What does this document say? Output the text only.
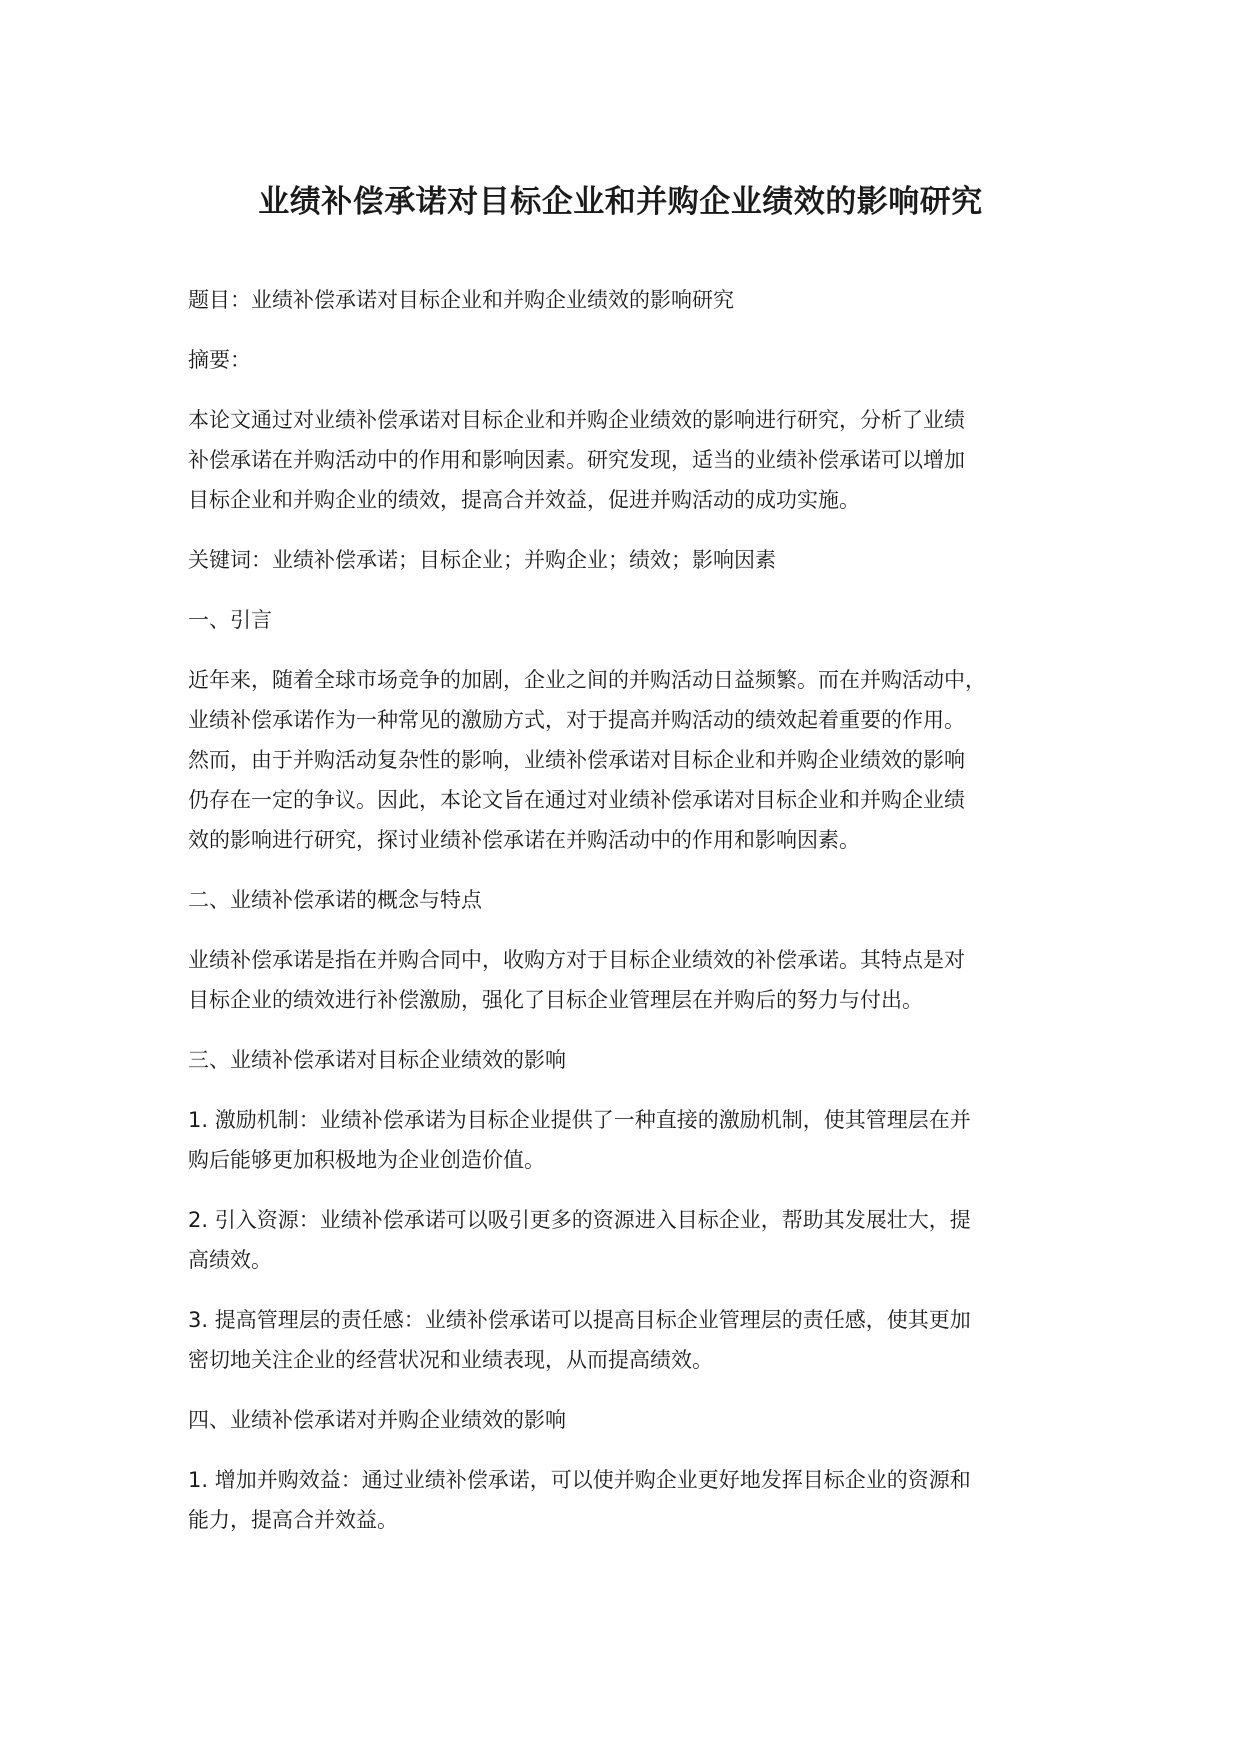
业绩补偿承诺对目标企业和并购企业绩效的影响研究

题目：业绩补偿承诺对目标企业和并购企业绩效的影响研究

摘要：

本论文通过对业绩补偿承诺对目标企业和并购企业绩效的影响进行研究，分析了业绩
补偿承诺在并购活动中的作用和影响因素。研究发现，适当的业绩补偿承诺可以增加
目标企业和并购企业的绩效，提高合并效益，促进并购活动的成功实施。

关键词：业绩补偿承诺；目标企业；并购企业；绩效；影响因素

一、引言

近年来，随着全球市场竞争的加剧，企业之间的并购活动日益频繁。而在并购活动中，
业绩补偿承诺作为一种常见的激励方式，对于提高并购活动的绩效起着重要的作用。
然而，由于并购活动复杂性的影响，业绩补偿承诺对目标企业和并购企业绩效的影响
仍存在一定的争议。因此，本论文旨在通过对业绩补偿承诺对目标企业和并购企业绩
效的影响进行研究，探讨业绩补偿承诺在并购活动中的作用和影响因素。

二、业绩补偿承诺的概念与特点

业绩补偿承诺是指在并购合同中，收购方对于目标企业绩效的补偿承诺。其特点是对
目标企业的绩效进行补偿激励，强化了目标企业管理层在并购后的努力与付出。

三、业绩补偿承诺对目标企业绩效的影响

1. 激励机制：业绩补偿承诺为目标企业提供了一种直接的激励机制，使其管理层在并
购后能够更加积极地为企业创造价值。

2. 引入资源：业绩补偿承诺可以吸引更多的资源进入目标企业，帮助其发展壮大，提
高绩效。

3. 提高管理层的责任感：业绩补偿承诺可以提高目标企业管理层的责任感，使其更加
密切地关注企业的经营状况和业绩表现，从而提高绩效。

四、业绩补偿承诺对并购企业绩效的影响

1. 增加并购效益：通过业绩补偿承诺，可以使并购企业更好地发挥目标企业的资源和
能力，提高合并效益。
